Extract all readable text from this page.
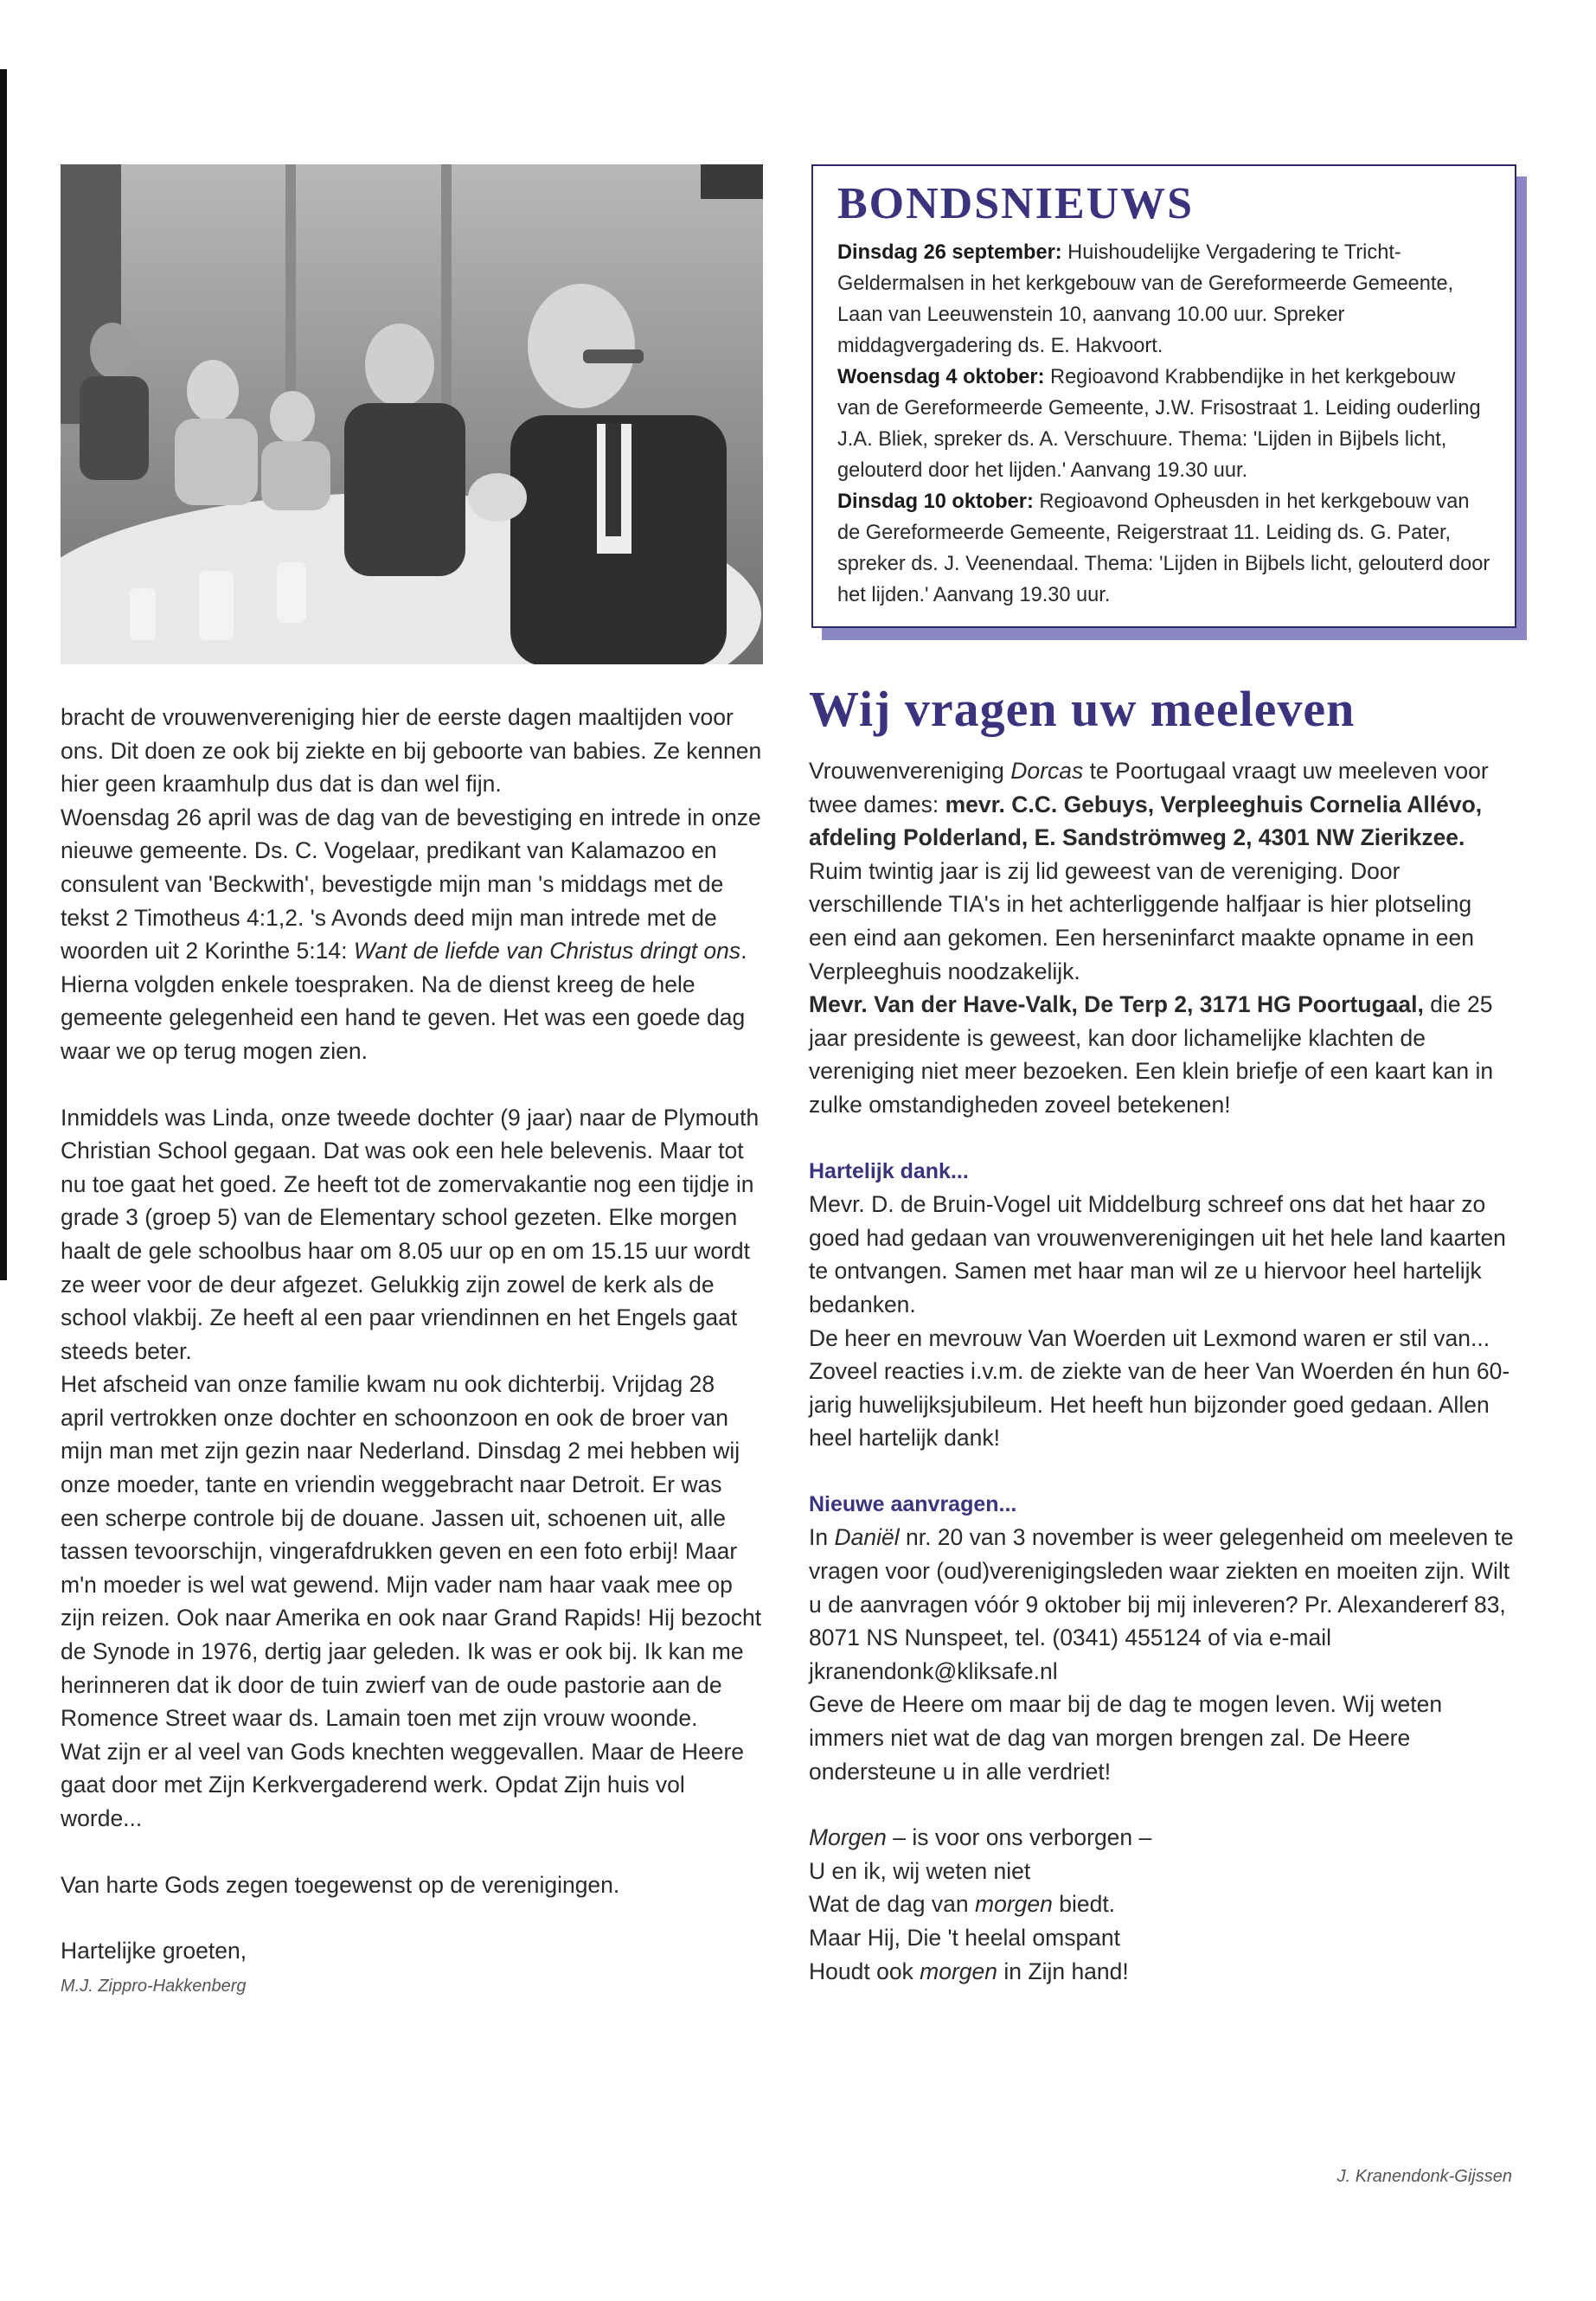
bracht de vrouwenvereniging hier de eerste dagen maaltijden voor ons. Dit doen ze ook bij ziekte en bij geboorte van babies. Ze kennen hier geen kraamhulp dus dat is dan wel fijn.

Woensdag 26 april was de dag van de bevestiging en intrede in onze nieuwe gemeente. Ds. C. Vogelaar, predikant van Kalamazoo en consulent van 'Beckwith', bevestigde mijn man 's middags met de tekst 2 Timotheus 4:1,2. 's Avonds deed mijn man intrede met de woorden uit 2 Korinthe 5:14: Want de liefde van Christus dringt ons. Hierna volgden enkele toespraken. Na de dienst kreeg de hele gemeente gelegenheid een hand te geven. Het was een goede dag waar we op terug mogen zien.

Inmiddels was Linda, onze tweede dochter (9 jaar) naar de Plymouth Christian School gegaan. Dat was ook een hele belevenis. Maar tot nu toe gaat het goed. Ze heeft tot de zomervakantie nog een tijdje in grade 3 (groep 5) van de Elementary school gezeten. Elke morgen haalt de gele schoolbus haar om 8.05 uur op en om 15.15 uur wordt ze weer voor de deur afgezet. Gelukkig zijn zowel de kerk als de school vlakbij. Ze heeft al een paar vriendinnen en het Engels gaat steeds beter.

Het afscheid van onze familie kwam nu ook dichterbij. Vrijdag 28 april vertrokken onze dochter en schoonzoon en ook de broer van mijn man met zijn gezin naar Nederland. Dinsdag 2 mei hebben wij onze moeder, tante en vriendin weggebracht naar Detroit. Er was een scherpe controle bij de douane. Jassen uit, schoenen uit, alle tassen tevoorschijn, vingerafdrukken geven en een foto erbij! Maar m'n moeder is wel wat gewend. Mijn vader nam haar vaak mee op zijn reizen. Ook naar Amerika en ook naar Grand Rapids! Hij bezocht de Synode in 1976, dertig jaar geleden. Ik was er ook bij. Ik kan me herinneren dat ik door de tuin zwierf van de oude pastorie aan de Romence Street waar ds. Lamain toen met zijn vrouw woonde.

Wat zijn er al veel van Gods knechten weggevallen. Maar de Heere gaat door met Zijn Kerkvergaderend werk. Opdat Zijn huis vol worde...

Van harte Gods zegen toegewenst op de verenigingen.

Hartelijke groeten,

M.J. Zippro-Hakkenberg
BONDSNIEUWS

Dinsdag 26 september: Huishoudelijke Vergadering te Tricht-Geldermalsen in het kerkgebouw van de Gereformeerde Gemeente, Laan van Leeuwenstein 10, aanvang 10.00 uur. Spreker middagvergadering ds. E. Hakvoort.

Woensdag 4 oktober: Regioavond Krabbendijke in het kerkgebouw van de Gereformeerde Gemeente, J.W. Frisostraat 1. Leiding ouderling J.A. Bliek, spreker ds. A. Verschuure. Thema: 'Lijden in Bijbels licht, gelouterd door het lijden.' Aanvang 19.30 uur.

Dinsdag 10 oktober: Regioavond Opheusden in het kerkgebouw van de Gereformeerde Gemeente, Reigerstraat 11. Leiding ds. G. Pater, spreker ds. J. Veenendaal. Thema: 'Lijden in Bijbels licht, gelouterd door het lijden.' Aanvang 19.30 uur.

Wij vragen uw meeleven

Vrouwenvereniging Dorcas te Poortugaal vraagt uw meeleven voor twee dames: mevr. C.C. Gebuys, Verpleeghuis Cornelia Allévo, afdeling Polderland, E. Sandströmweg 2, 4301 NW Zierikzee. Ruim twintig jaar is zij lid geweest van de vereniging. Door verschillende TIA's in het achterliggende halfjaar is hier plotseling een eind aan gekomen. Een herseninfarct maakte opname in een Verpleeghuis noodzakelijk.

Mevr. Van der Have-Valk, De Terp 2, 3171 HG Poortugaal, die 25 jaar presidente is geweest, kan door lichamelijke klachten de vereniging niet meer bezoeken. Een klein briefje of een kaart kan in zulke omstandigheden zoveel betekenen!

Hartelijk dank...

Mevr. D. de Bruin-Vogel uit Middelburg schreef ons dat het haar zo goed had gedaan van vrouwenverenigingen uit het hele land kaarten te ontvangen. Samen met haar man wil ze u hiervoor heel hartelijk bedanken.

De heer en mevrouw Van Woerden uit Lexmond waren er stil van... Zoveel reacties i.v.m. de ziekte van de heer Van Woerden én hun 60-jarig huwelijksjubileum. Het heeft hun bijzonder goed gedaan. Allen heel hartelijk dank!

Nieuwe aanvragen...

In Daniël nr. 20 van 3 november is weer gelegenheid om meeleven te vragen voor (oud)verenigingsleden waar ziekten en moeiten zijn. Wilt u de aanvragen vóór 9 oktober bij mij inleveren? Pr. Alexandererf 83, 8071 NS Nunspeet, tel. (0341) 455124 of via e-mail jkranendonk@kliksafe.nl

Geve de Heere om maar bij de dag te mogen leven. Wij weten immers niet wat de dag van morgen brengen zal. De Heere ondersteune u in alle verdriet!

Morgen – is voor ons verborgen –

U en ik, wij weten niet

Wat de dag van morgen biedt.

Maar Hij, Die 't heelal omspant

Houdt ook morgen in Zijn hand!

J. Kranendonk-Gijssen
